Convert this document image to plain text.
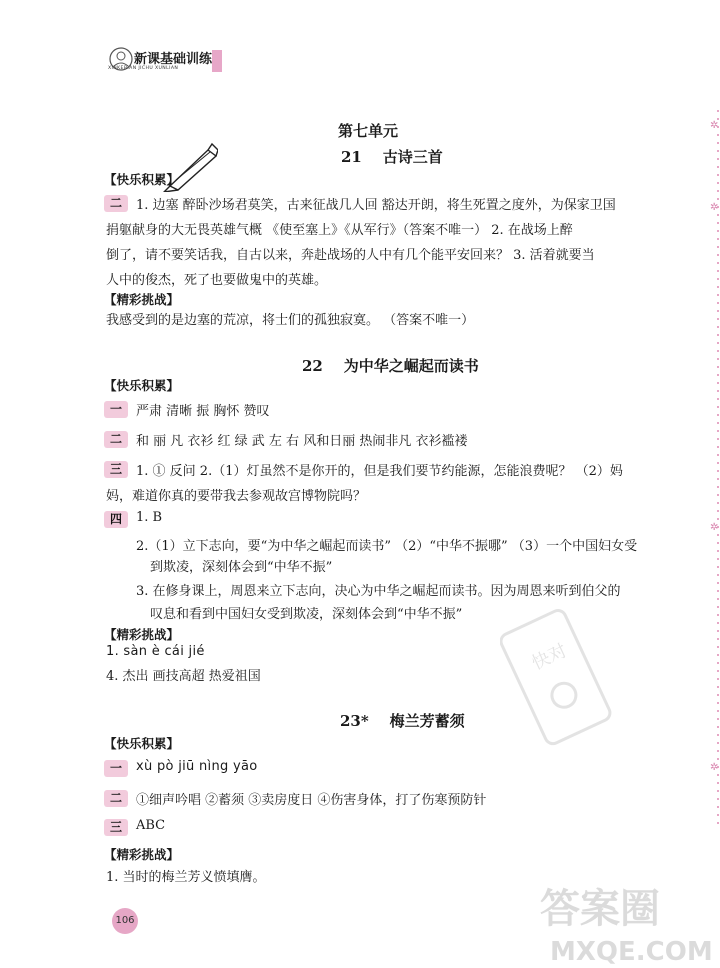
新课基础训练
XINKEBIAN JICHU XUNLIAN
✲
✲
✲
✲
第七单元
21 古诗三首
【快乐积累】
二	1. 边塞 醉卧沙场君莫笑，古来征战几人回 豁达开朗，将生死置之度外，为保家卫国
捐躯献身的大无畏英雄气概 《使至塞上》《从军行》（答案不唯一） 2. 在战场上醉
倒了，请不要笑话我，自古以来，奔赴战场的人中有几个能平安回来？ 3. 活着就要当
人中的俊杰，死了也要做鬼中的英雄。
【精彩挑战】
我感受到的是边塞的荒凉，将士们的孤独寂寞。 （答案不唯一）
22 为中华之崛起而读书
【快乐积累】
一	严肃 清晰 振 胸怀 赞叹
二	和 丽 凡 衣衫 红 绿 武 左 右 风和日丽 热闹非凡 衣衫褴褛
三	1. ① 反问 2.（1）灯虽然不是你开的，但是我们要节约能源，怎能浪费呢？ （2）妈
妈，难道你真的要带我去参观故宫博物院吗？
四	1. B
2.（1）立下志向，要“为中华之崛起而读书” （2）“中华不振哪” （3）一个中国妇女受
到欺凌，深刻体会到“中华不振”
3. 在修身课上，周恩来立下志向，决心为中华之崛起而读书。因为周恩来听到伯父的
叹息和看到中国妇女受到欺凌，深刻体会到“中华不振”
【精彩挑战】
1. sàn è cái jié
4. 杰出 画技高超 热爱祖国
23* 梅兰芳蓄须
【快乐积累】
一	xù pò jiū nìng yāo
二	①细声吟唱 ②蓄须 ③卖房度日 ④伤害身体，打了伤寒预防针
三	ABC
【精彩挑战】
1. 当时的梅兰芳义愤填膺。
106
快对
答案圈
MXQE.COM
